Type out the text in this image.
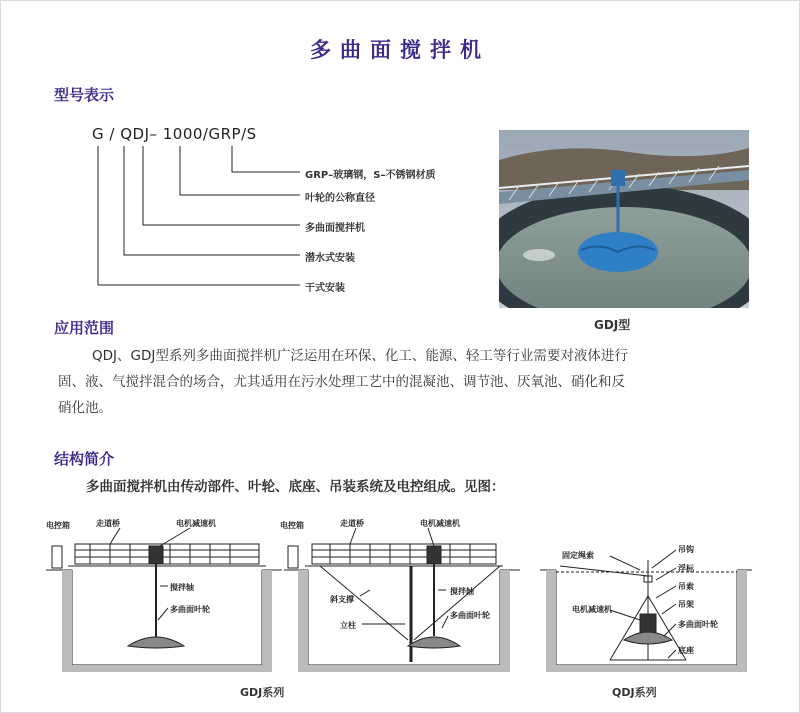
多曲面搅拌机
型号表示
G / QDJ– 1000/GRP/S
GRP–玻璃钢，S–不锈钢材质
叶轮的公称直径
多曲面搅拌机
潜水式安装
干式安装
GDJ型
应用范围
QDJ、GDJ型系列多曲面搅拌机广泛运用在环保、化工、能源、轻工等行业需要对液体进行
固、液、气搅拌混合的场合，尤其适用在污水处理工艺中的混凝池、调节池、厌氧池、硝化和反
硝化池。
结构简介
多曲面搅拌机由传动部件、叶轮、底座、吊装系统及电控组成。见图：
电控箱	走道桥	电机减速机
搅拌轴
多曲面叶轮
GDJ系列
电控箱	走道桥	电机减速机
斜支撑
立柱
搅拌轴
多曲面叶轮
固定绳索
吊钩
浮标
吊索
吊架
电机减速机
多曲面叶轮
底座
QDJ系列
